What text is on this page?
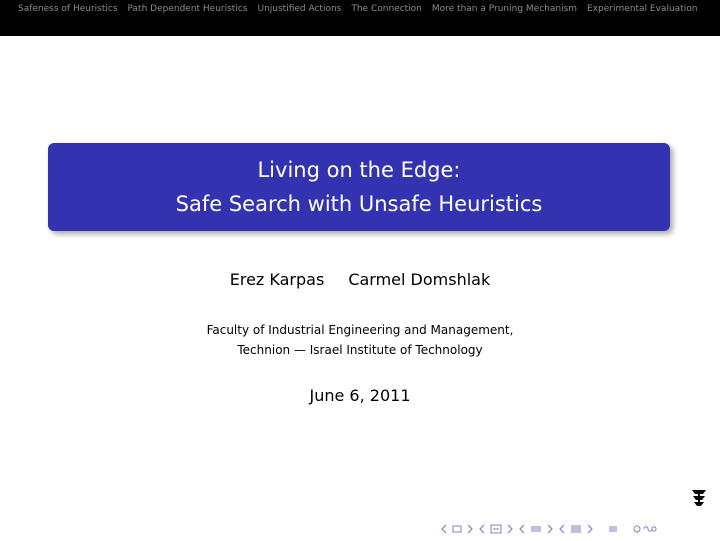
Safeness of Heuristics Path Dependent Heuristics Unjustified Actions The Connection More than a Pruning Mechanism Experimental Evaluation
Living on the Edge:
Safe Search with Unsafe Heuristics
Erez Karpas Carmel Domshlak
Faculty of Industrial Engineering and Management,
Technion — Israel Institute of Technology
June 6, 2011
